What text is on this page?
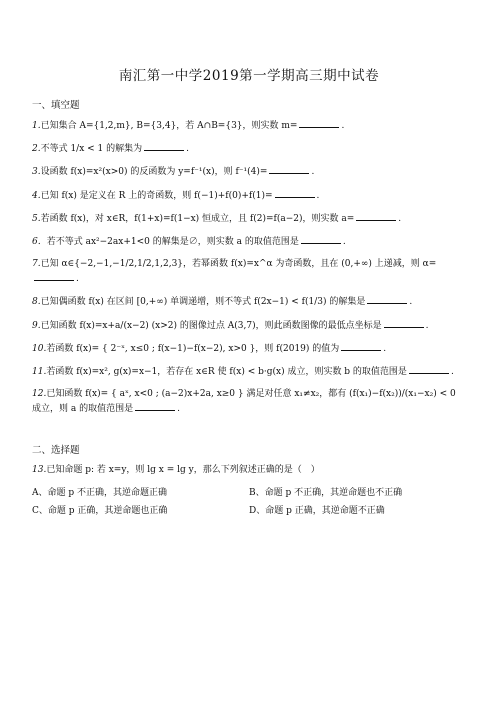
南汇第一中学2019第一学期高三期中试卷
一、填空题
1.已知集合 A={1,2,m}, B={3,4}，若 A∩B={3}，则实数 m=	.
2.不等式 1/x < 1 的解集为	.
3.设函数 f(x)=x²(x>0) 的反函数为 y=f⁻¹(x)，则 f⁻¹(4)=	.
4.已知 f(x) 是定义在 R 上的奇函数，则 f(−1)+f(0)+f(1)=	.
5.若函数 f(x)，对 x∈R，f(1+x)=f(1−x) 恒成立，且 f(2)=f(a−2)，则实数 a=	.
6．若不等式 ax²−2ax+1<0 的解集是∅，则实数 a 的取值范围是	.
7.已知 α∈{−2,−1,−1/2,1/2,1,2,3}，若幂函数 f(x)=x^α 为奇函数，且在 (0,+∞) 上递减，则 α=.
8.已知偶函数 f(x) 在区间 [0,+∞) 单调递增，则不等式 f(2x−1) < f(1/3) 的解集是	.
9.已知函数 f(x)=x+a/(x−2) (x>2) 的图像过点 A(3,7)，则此函数图像的最低点坐标是	.
10.若函数 f(x)= { 2⁻ˣ, x≤0 ; f(x−1)−f(x−2), x>0 }，则 f(2019) 的值为	.
11.若函数 f(x)=x², g(x)=x−1，若存在 x∈R 使 f(x) < b·g(x) 成立，则实数 b 的取值范围是	.
12.已知函数 f(x)= { aˣ, x<0 ; (a−2)x+2a, x≥0 } 满足对任意 x₁≠x₂，都有 (f(x₁)−f(x₂))/(x₁−x₂) < 0 成立，则 a 的取值范围是	.
二、选择题
13.已知命题 p: 若 x=y，则 lg x = lg y，那么下列叙述正确的是（　）
A、命题 p 不正确，其逆命题正确	B、命题 p 不正确，其逆命题也不正确
C、命题 p 正确，其逆命题也正确	D、命题 p 正确，其逆命题不正确
